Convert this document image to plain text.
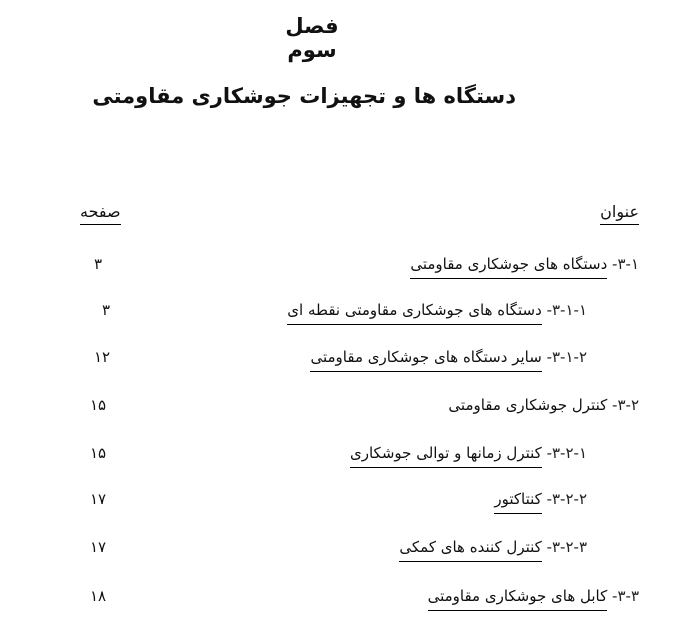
فصل سوم
دستگاه ها و تجهیزات جوشکاری مقاومتی
عنوان
صفحه
۳-۱- دستگاه های جوشکاری مقاومتی
۳
۳-۱-۱- دستگاه های جوشکاری مقاومتی نقطه ای
۳
۳-۱-۲- سایر دستگاه های جوشکاری مقاومتی
۱۲
۳-۲- کنترل جوشکاری مقاومتی
۱۵
۳-۲-۱- کنترل زمانها و توالی جوشکاری
۱۵
۳-۲-۲- کنتاکتور
۱۷
۳-۲-۳- کنترل کننده های کمکی
۱۷
۳-۳- کابل های جوشکاری مقاومتی
۱۸
